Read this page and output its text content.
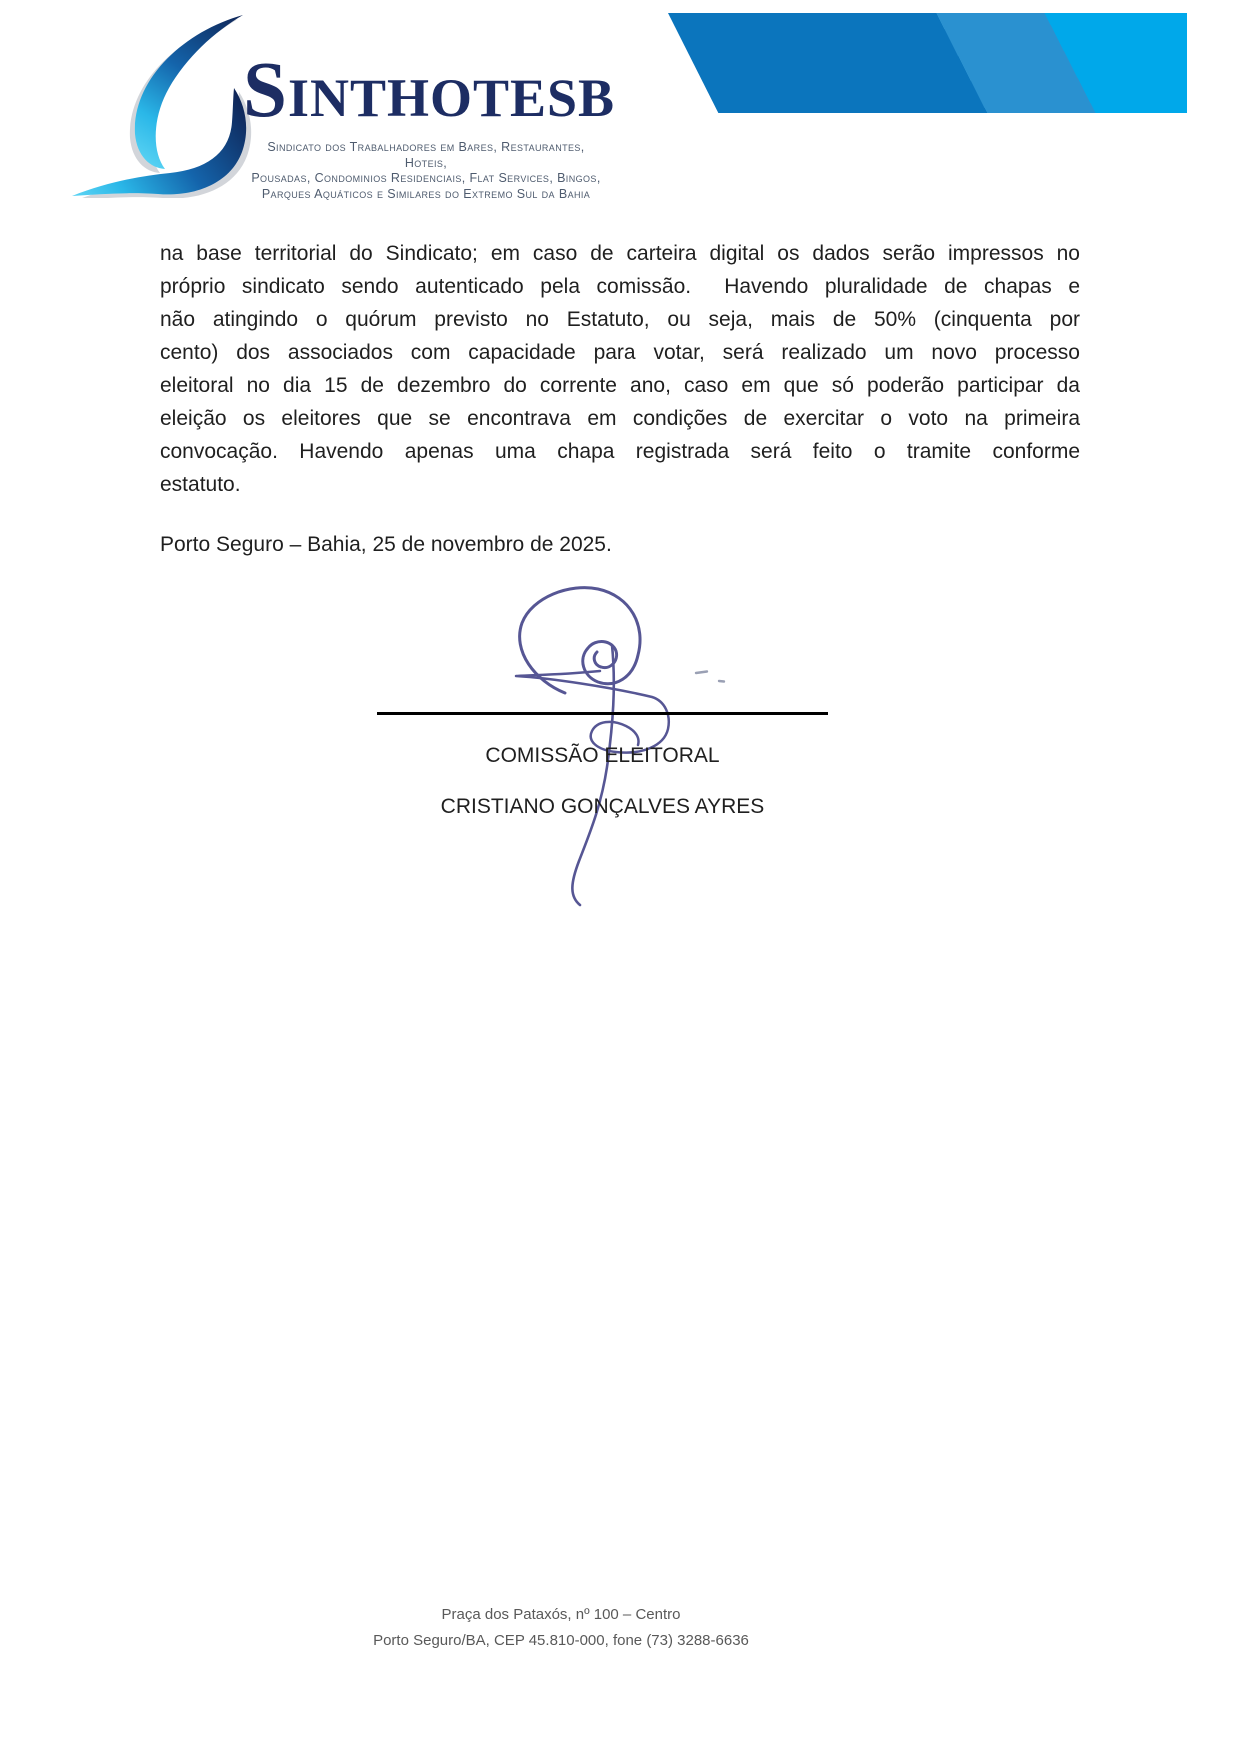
SINTHOTESB
Sindicato dos Trabalhadores em Bares, Restaurantes, Hoteis,
Pousadas, Condominios Residenciais, Flat Services, Bingos,
Parques Aquáticos e Similares do Extremo Sul da Bahia
na base territorial do Sindicato; em caso de carteira digital os dados serão impressos no
próprio sindicato sendo autenticado pela comissão.  Havendo pluralidade de chapas e
não atingindo o quórum previsto no Estatuto, ou seja, mais de 50% (cinquenta por
cento) dos associados com capacidade para votar, será realizado um novo processo
eleitoral no dia 15 de dezembro do corrente ano, caso em que só poderão participar da
eleição os eleitores que se encontrava em condições de exercitar o voto na primeira
convocação. Havendo apenas uma chapa registrada será feito o tramite conforme
estatuto.
Porto Seguro – Bahia, 25 de novembro de 2025.
COMISSÃO ELEITORAL
CRISTIANO GONÇALVES AYRES
Praça dos Pataxós, nº 100 – Centro
Porto Seguro/BA, CEP 45.810-000, fone (73) 3288-6636
